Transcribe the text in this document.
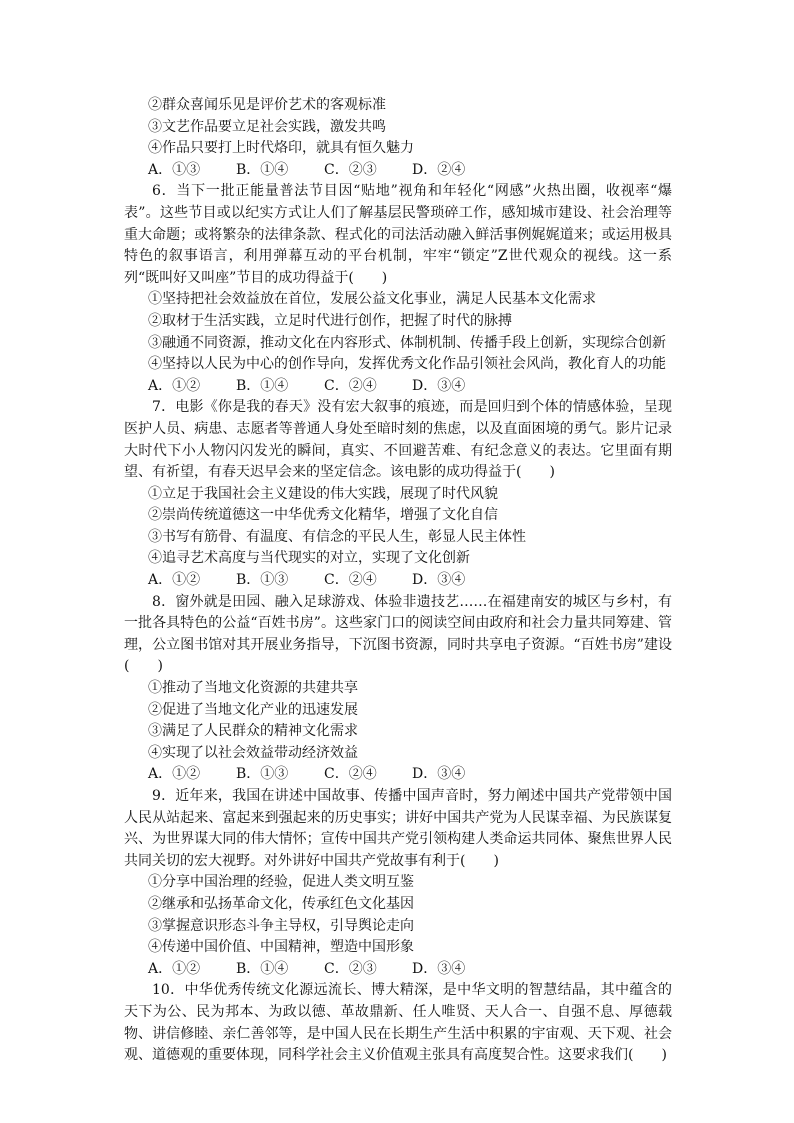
②群众喜闻乐见是评价艺术的客观标准

③文艺作品要立足社会实践，激发共鸣

④作品只要打上时代烙印，就具有恒久魅力

A．①③	B．①④	C．②③	D．②④

6．当下一批正能量普法节目因“贴地”视角和年轻化“网感”火热出圈，收视率“爆表”。这些节目或以纪实方式让人们了解基层民警琐碎工作，感知城市建设、社会治理等重大命题；或将繁杂的法律条款、程式化的司法活动融入鲜活事例娓娓道来；或运用极具特色的叙事语言，利用弹幕互动的平台机制，牢牢“锁定”Z世代观众的视线。这一系列“既叫好又叫座”节目的成功得益于(　　)

①坚持把社会效益放在首位，发展公益文化事业，满足人民基本文化需求

②取材于生活实践，立足时代进行创作，把握了时代的脉搏

③融通不同资源，推动文化在内容形式、体制机制、传播手段上创新，实现综合创新

④坚持以人民为中心的创作导向，发挥优秀文化作品引领社会风尚，教化育人的功能

A．①②	B．①④	C．②④	D．③④

7．电影《你是我的春天》没有宏大叙事的痕迹，而是回归到个体的情感体验，呈现医护人员、病患、志愿者等普通人身处至暗时刻的焦虑，以及直面困境的勇气。影片记录大时代下小人物闪闪发光的瞬间，真实、不回避苦难、有纪念意义的表达。它里面有期望、有祈望，有春天迟早会来的坚定信念。该电影的成功得益于(　　)

①立足于我国社会主义建设的伟大实践，展现了时代风貌

②崇尚传统道德这一中华优秀文化精华，增强了文化自信

③书写有筋骨、有温度、有信念的平民人生，彰显人民主体性

④追寻艺术高度与当代现实的对立，实现了文化创新

A．①②	B．①③	C．②④	D．③④

8．窗外就是田园、融入足球游戏、体验非遗技艺……在福建南安的城区与乡村，有一批各具特色的公益“百姓书房”。这些家门口的阅读空间由政府和社会力量共同筹建、管理，公立图书馆对其开展业务指导，下沉图书资源，同时共享电子资源。“百姓书房”建设(　　)

①推动了当地文化资源的共建共享

②促进了当地文化产业的迅速发展

③满足了人民群众的精神文化需求

④实现了以社会效益带动经济效益

A．①②	B．①③	C．②④	D．③④

9．近年来，我国在讲述中国故事、传播中国声音时，努力阐述中国共产党带领中国人民从站起来、富起来到强起来的历史事实；讲好中国共产党为人民谋幸福、为民族谋复兴、为世界谋大同的伟大情怀；宣传中国共产党引领构建人类命运共同体、聚焦世界人民共同关切的宏大视野。对外讲好中国共产党故事有利于(　　)

①分享中国治理的经验，促进人类文明互鉴

②继承和弘扬革命文化，传承红色文化基因

③掌握意识形态斗争主导权，引导舆论走向

④传递中国价值、中国精神，塑造中国形象

A．①②	B．①④	C．②③	D．③④

10．中华优秀传统文化源远流长、博大精深，是中华文明的智慧结晶，其中蕴含的天下为公、民为邦本、为政以德、革故鼎新、任人唯贤、天人合一、自强不息、厚德载物、讲信修睦、亲仁善邻等，是中国人民在长期生产生活中积累的宇宙观、天下观、社会观、道德观的重要体现，同科学社会主义价值观主张具有高度契合性。这要求我们(　　)
